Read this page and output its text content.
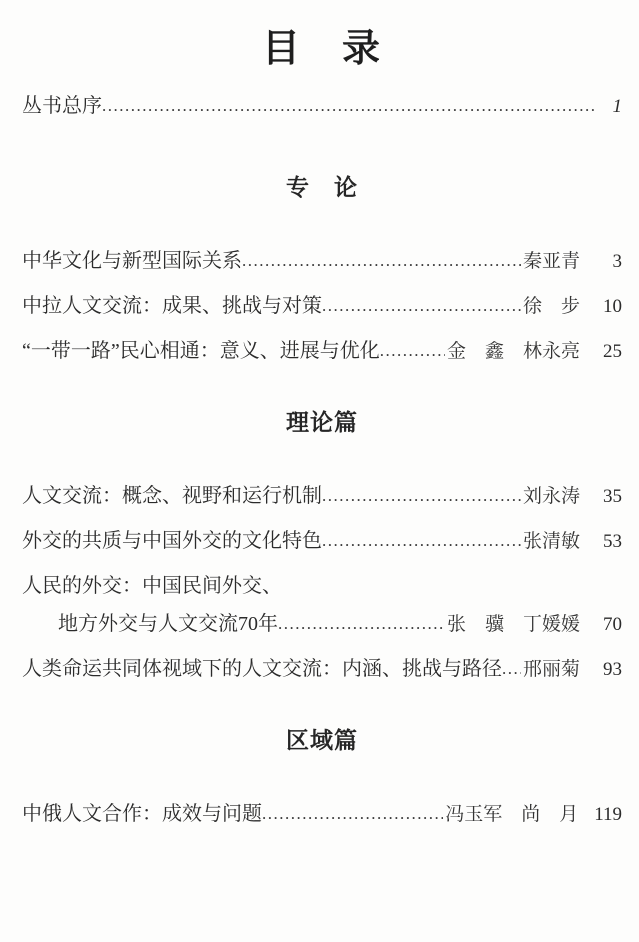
目　录
丛书总序 .....	1
专　论
中华文化与新型国际关系 .....	秦亚青	3
中拉人文交流：成果、挑战与对策 .....	徐　步	10
“一带一路”民心相通：意义、进展与优化 .....	金　鑫　林永亮	25
理论篇
人文交流：概念、视野和运行机制 .....	刘永涛	35
外交的共质与中国外交的文化特色 .....	张清敏	53
人民的外交：中国民间外交、
地方外交与人文交流70年 .....	张　骥　丁媛媛	70
人类命运共同体视域下的人文交流：内涵、挑战与路径 ..... 邢丽菊	93
区域篇
中俄人文合作：成效与问题 .....	冯玉军　尚　月 119
